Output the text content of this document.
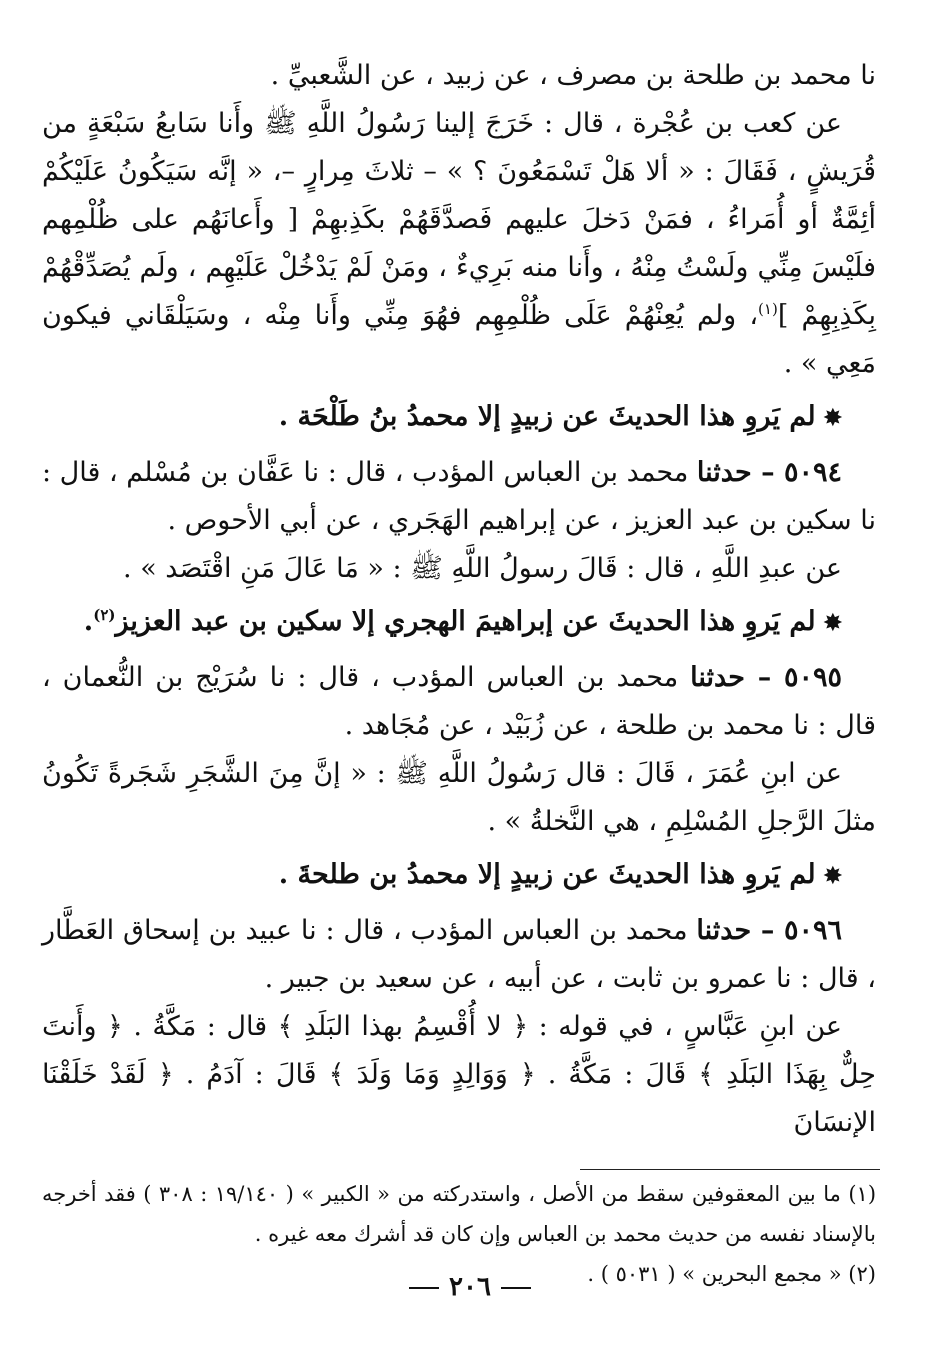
نا محمد بن طلحة بن مصرف ، عن زبيد ، عن الشَّعبيِّ .

عن كعب بن عُجْرة ، قال : خَرَجَ إلينا رَسُولُ اللَّهِ ﷺ وأَنا سَابعُ سَبْعَةٍ من قُرَيشٍ ، فَقَالَ : « ألا هَلْ تَسْمَعُونَ ؟ » – ثلاثَ مِرارٍ –، « إنَّه سَيَكُونُ عَلَيْكُمْ أئِمَّةٌ أو أُمَراءُ ، فمَنْ دَخلَ عليهم فَصدَّقَهُمْ بكَذِبهِمْ [ وأَعانَهُم على ظُلْمِهم فلَيْسَ مِنِّي ولَسْتُ مِنْهُ ، وأَنا منه بَرِيءٌ ، ومَنْ لَمْ يَدْخُلْ عَلَيْهِم ، ولَم يُصَدِّقْهُمْ بِكَذِبِهِمْ ]$^{(١)}$، ولم يُعِنْهُمْ عَلَى ظُلْمِهِم فهُوَ مِنِّي وأَنا مِنْه ، وسَيَلْقَاني فيكون مَعِي » .

✸لم يَروِ هذا الحديثَ عن زبيدٍ إلا محمدُ بنُ طَلْحَة .

٥٠٩٤ – حدثنا محمد بن العباس المؤدب ، قال : نا عَفَّان بن مُسْلم ، قال : نا سكين بن عبد العزيز ، عن إبراهيم الهَجَري ، عن أبي الأحوص .

عن عبدِ اللَّهِ ، قال : قَالَ رسولُ اللَّهِ ﷺ : « مَا عَالَ مَنِ اقْتَصَد » .

✸لم يَروِ هذا الحديثَ عن إبراهيمَ الهجري إلا سكين بن عبد العزيز$^{(٢)}$.

٥٠٩٥ – حدثنا محمد بن العباس المؤدب ، قال : نا سُرَيْج بن النُّعمان ، قال : نا محمد بن طلحة ، عن زُبَيْد ، عن مُجَاهد .

عن ابنِ عُمَرَ ، قَالَ : قال رَسُولُ اللَّهِ ﷺ : « إنَّ مِنَ الشَّجَرِ شَجَرةً تَكُونُ مثلَ الرَّجلِ المُسْلِمِ ، هي النَّخلةُ » .

✸لم يَروِ هذا الحديثَ عن زبيدٍ إلا محمدُ بن طلحةَ .

٥٠٩٦ – حدثنا محمد بن العباس المؤدب ، قال : نا عبيد بن إسحاق العَطَّار ، قال : نا عمرو بن ثابت ، عن أبيه ، عن سعيد بن جبير .

عن ابنِ عَبَّاسٍ ، في قوله : ﴿ لا أُقْسِمُ بهذا البَلَدِ ﴾ قال : مَكَّةُ . ﴿ وأَنتَ حِلٌّ بِهَذَا البَلَدِ ﴾ قَالَ : مَكَّةُ . ﴿ وَوَالِدٍ وَمَا وَلَدَ ﴾ قَالَ : آدَمُ . ﴿ لَقَدْ خَلَقْنَا الإنسَانَ

(١) ما بين المعقوفين سقط من الأصل ، واستدركته من « الكبير » ( ١٩/١٤٠ : ٣٠٨ ) فقد أخرجه بالإسناد نفسه من حديث محمد بن العباس وإن كان قد أشرك معه غيره .

(٢) « مجمع البحرين » ( ٥٠٣١ ) .

٢٠٦
